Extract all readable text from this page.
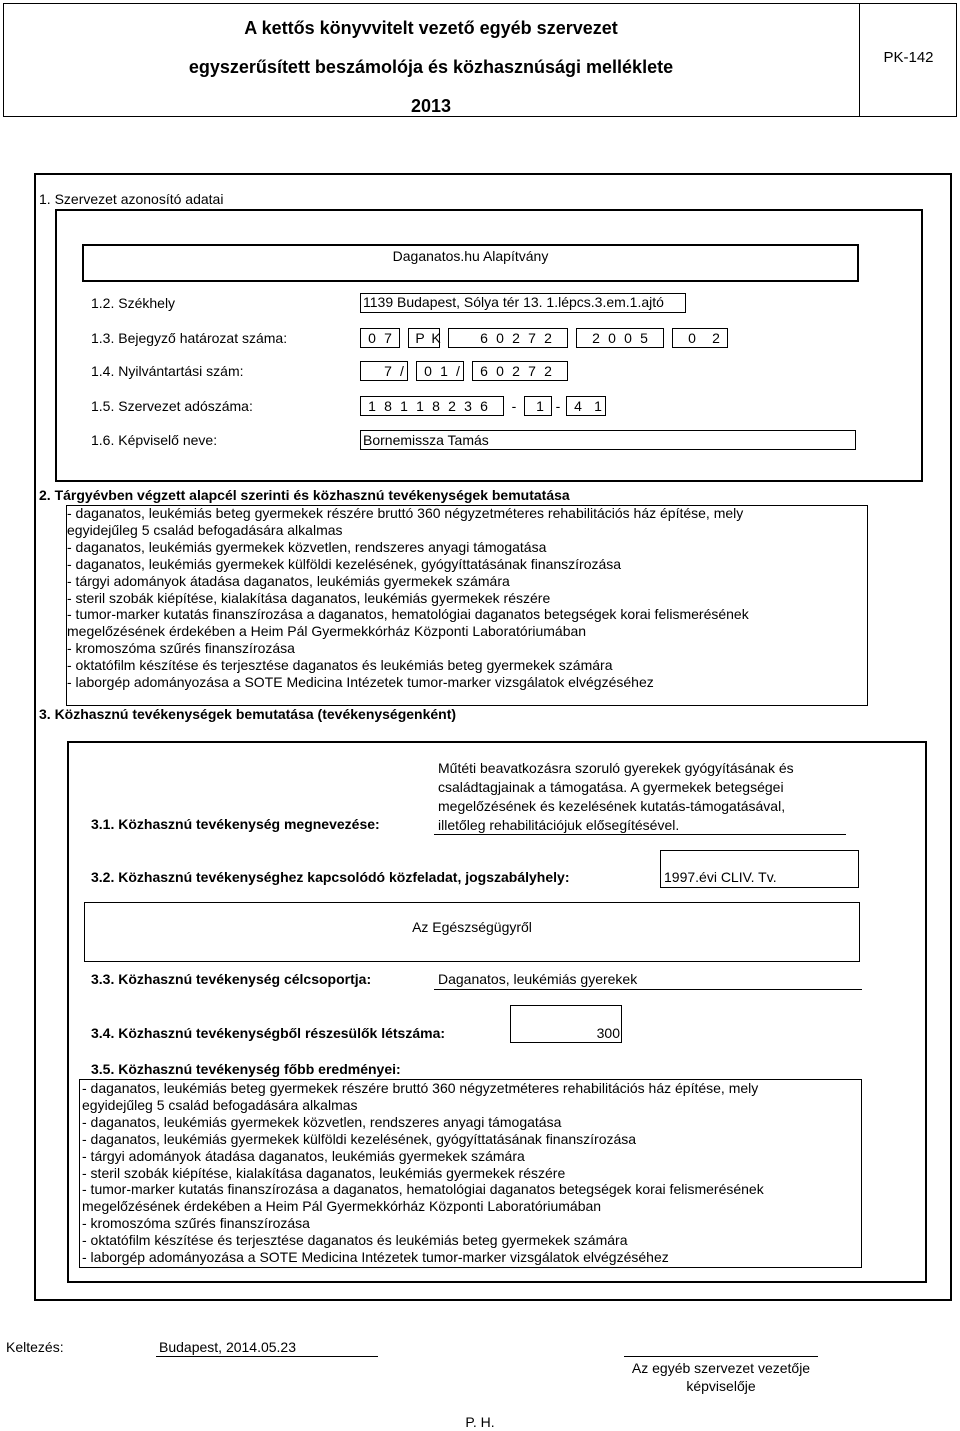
A kettős könyvvitelt vezető egyéb szervezet
egyszerűsített beszámolója és közhasznúsági melléklete
2013
PK-142
1. Szervezet azonosító adatai
Daganatos.hu Alapítvány
1.2. Székhely	1139 Budapest, Sólya tér 13. 1.lépcs.3.em.1.ajtó
1.3. Bejegyző határozat száma:	0 7 P K	6 0 2 7 2	2 0 0 5	0 2
1.4. Nyilvántartási szám:	7 /	0 1 /	6 0 2 7 2
1.5. Szervezet adószáma:	1 8 1 1 8 2 3 6	-	1 - 4 1
1.6. Képviselő neve:	Bornemissza Tamás
2. Tárgyévben végzett alapcél szerinti és közhasznú tevékenységek bemutatása
- daganatos, leukémiás beteg gyermekek részére bruttó 360 négyzetméteres rehabilitációs ház építése, mely
egyidejűleg 5 család befogadására alkalmas
- daganatos, leukémiás gyermekek közvetlen, rendszeres anyagi támogatása
- daganatos, leukémiás gyermekek külföldi kezelésének, gyógyíttatásának finanszírozása
- tárgyi adományok átadása daganatos, leukémiás gyermekek számára
- steril szobák kiépítése, kialakítása daganatos, leukémiás gyermekek részére
- tumor-marker kutatás finanszírozása a daganatos, hematológiai daganatos betegségek korai felismerésének
megelőzésének érdekében a Heim Pál Gyermekkórház Központi Laboratóriumában
- kromoszóma szűrés finanszírozása
- oktatófilm készítése és terjesztése daganatos és leukémiás beteg gyermekek számára
- laborgép adományozása a SOTE Medicina Intézetek tumor-marker vizsgálatok elvégzéséhez
3. Közhasznú tevékenységek bemutatása (tevékenységenként)
Műtéti beavatkozásra szoruló gyerekek gyógyításának és
családtagjainak a támogatása. A gyermekek betegségei
megelőzésének és kezelésének kutatás-támogatásával,
illetőleg rehabilitációjuk elősegítésével.
3.1. Közhasznú tevékenység megnevezése:
3.2. Közhasznú tevékenységhez kapcsolódó közfeladat, jogszabályhely:	1997.évi CLIV. Tv.
Az Egészségügyről
3.3. Közhasznú tevékenység célcsoportja:	Daganatos, leukémiás gyerekek
3.4. Közhasznú tevékenységből részesülők létszáma:	300
3.5. Közhasznú tevékenység főbb eredményei:
- daganatos, leukémiás beteg gyermekek részére bruttó 360 négyzetméteres rehabilitációs ház építése, mely
egyidejűleg 5 család befogadására alkalmas
- daganatos, leukémiás gyermekek közvetlen, rendszeres anyagi támogatása
- daganatos, leukémiás gyermekek külföldi kezelésének, gyógyíttatásának finanszírozása
- tárgyi adományok átadása daganatos, leukémiás gyermekek számára
- steril szobák kiépítése, kialakítása daganatos, leukémiás gyermekek részére
- tumor-marker kutatás finanszírozása a daganatos, hematológiai daganatos betegségek korai felismerésének
megelőzésének érdekében a Heim Pál Gyermekkórház Központi Laboratóriumában
- kromoszóma szűrés finanszírozása
- oktatófilm készítése és terjesztése daganatos és leukémiás beteg gyermekek számára
- laborgép adományozása a SOTE Medicina Intézetek tumor-marker vizsgálatok elvégzéséhez
Keltezés:	Budapest, 2014.05.23
Az egyéb szervezet vezetője
képviselője
P. H.
